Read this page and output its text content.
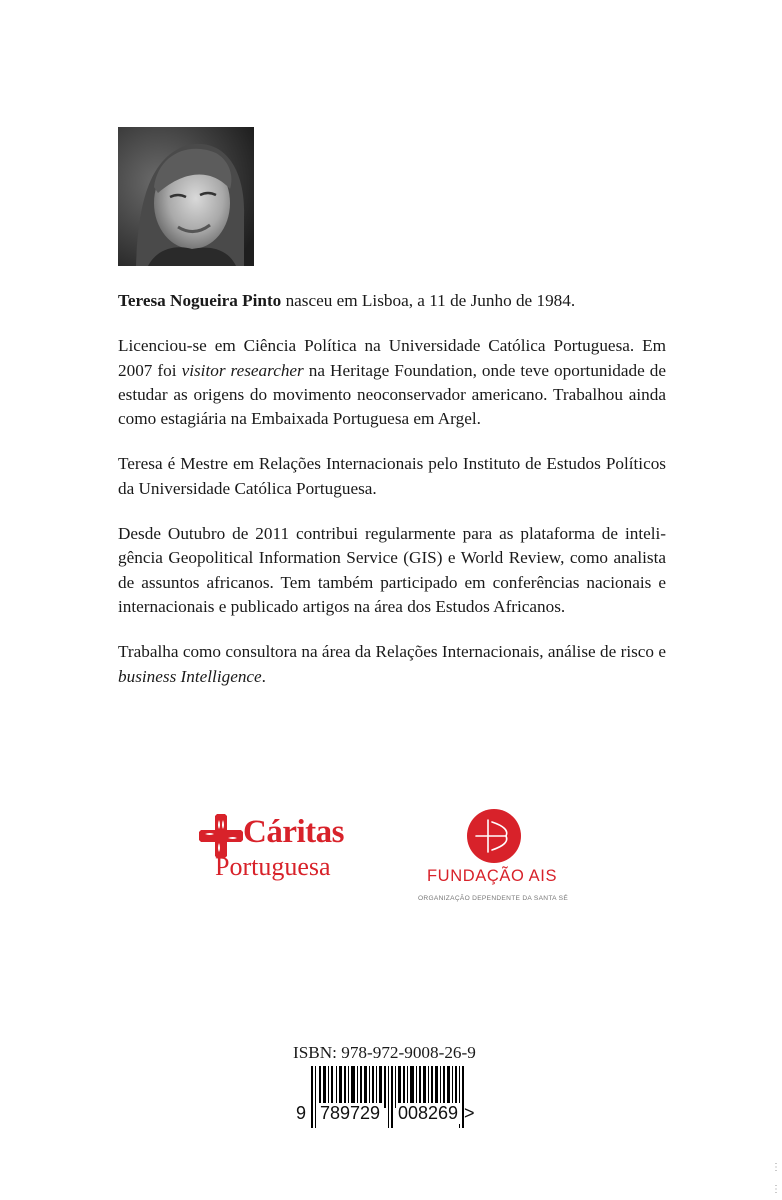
Teresa Nogueira Pinto nasceu em Lisboa, a 11 de Junho de 1984.

Licenciou-se em Ciência Política na Universidade Católica Portuguesa. Em 2007 foi visitor researcher na Heritage Foundation, onde teve oportunidade de estudar as origens do movimento neoconservador americano. Trabalhou ainda como estagiária na Embaixada Portuguesa em Argel.

Teresa é Mestre em Relações Internacionais pelo Instituto de Estudos Políticos da Universidade Católica Portuguesa.

Desde Outubro de 2011 contribui regularmente para as plataforma de inteli-gência Geopolitical Information Service (GIS) e World Review, como analista de assuntos africanos. Tem também participado em conferências nacionais e internacionais e publicado artigos na área dos Estudos Africanos.

Trabalha como consultora na área da Relações Internacionais, análise de risco e business Intelligence.

Cáritas
Portuguesa	FUNDAÇÃO AIS
ORGANIZAÇÃO DEPENDENTE DA SANTA SÉ
ISBN: 978-972-9008-26-9
9 789729 008269 >
⋮
⋮
